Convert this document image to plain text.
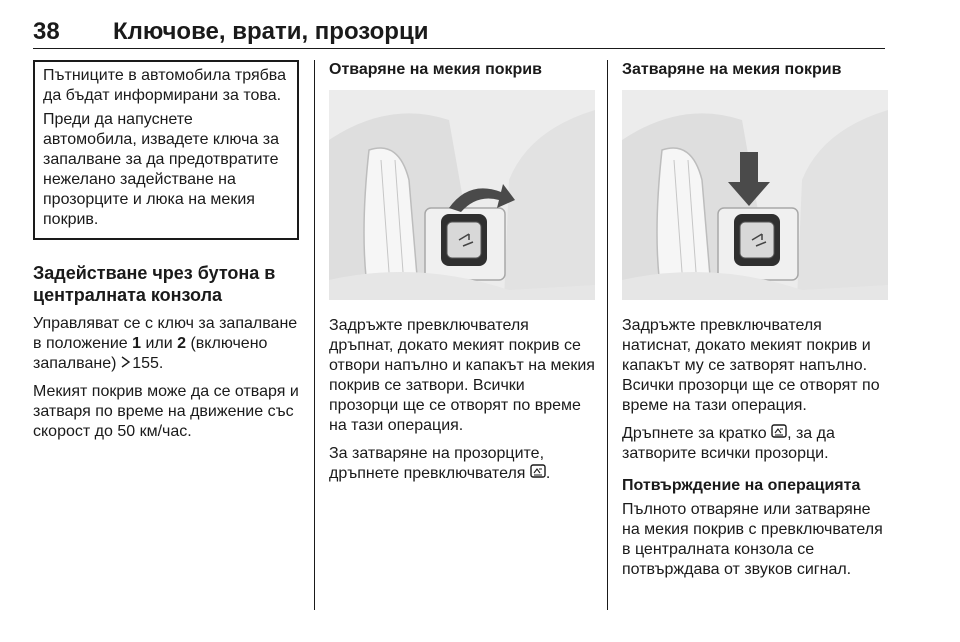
38 Ключове, врати, прозорци

Пътниците в автомобила трябва да бъдат информирани за това.

Преди да напуснете автомобила, извадете ключа за запалване за да предотвратите нежелано задействане на прозорците и люка на мекия покрив.

Задействане чрез бутона в централната конзола

Управляват се с ключ за запалване в положение 1 или 2 (включено запалване)  155.

Мекият покрив може да се отваря и затваря по време на движение със скорост до 50 км/час.

Отваряне на мекия покрив

Задръжте превключвателя дръпнат, докато мекият покрив се отвори напълно и капакът на мекия покрив се затвори. Всички прозорци ще се отворят по време на тази операция.

За затваряне на прозорците, дръпнете превключвателя .

Затваряне на мекия покрив

Задръжте превключвателя натиснат, докато мекият покрив и капакът му се затворят напълно. Всички прозорци ще се отворят по време на тази операция.

Дръпнете за кратко , за да затворите всички прозорци.

Потвърждение на операцията

Пълното отваряне или затваряне на мекия покрив с превключвателя в централната конзола се потвърждава от звуков сигнал.
